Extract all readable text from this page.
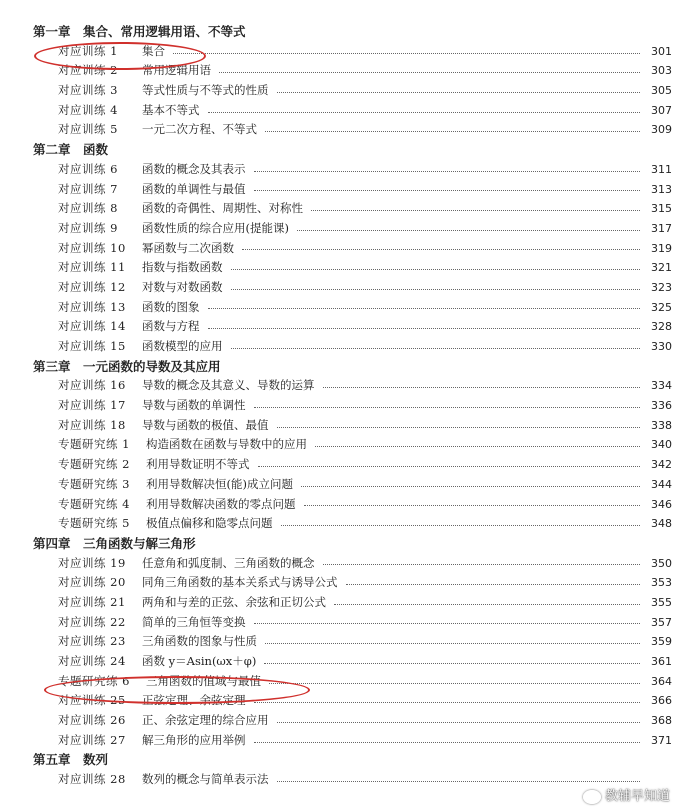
第一章　集合、常用逻辑用语、不等式
对应训练 1	集合	301
对应训练 2	常用逻辑用语	303
对应训练 3	等式性质与不等式的性质	305
对应训练 4	基本不等式	307
对应训练 5	一元二次方程、不等式	309
第二章　函数
对应训练 6	函数的概念及其表示	311
对应训练 7	函数的单调性与最值	313
对应训练 8	函数的奇偶性、周期性、对称性	315
对应训练 9	函数性质的综合应用(提能课)	317
对应训练 10	幂函数与二次函数	319
对应训练 11	指数与指数函数	321
对应训练 12	对数与对数函数	323
对应训练 13	函数的图象	325
对应训练 14	函数与方程	328
对应训练 15	函数模型的应用	330
第三章　一元函数的导数及其应用
对应训练 16	导数的概念及其意义、导数的运算	334
对应训练 17	导数与函数的单调性	336
对应训练 18	导数与函数的极值、最值	338
专题研究练 1	构造函数在函数与导数中的应用	340
专题研究练 2	利用导数证明不等式	342
专题研究练 3	利用导数解决恒(能)成立问题	344
专题研究练 4	利用导数解决函数的零点问题	346
专题研究练 5	极值点偏移和隐零点问题	348
第四章　三角函数与解三角形
对应训练 19	任意角和弧度制、三角函数的概念	350
对应训练 20	同角三角函数的基本关系式与诱导公式	353
对应训练 21	两角和与差的正弦、余弦和正切公式	355
对应训练 22	简单的三角恒等变换	357
对应训练 23	三角函数的图象与性质	359
对应训练 24	函数 y＝Asin(ωx＋φ)	361
专题研究练 6	三角函数的值域与最值	364
对应训练 25	正弦定理、余弦定理	366
对应训练 26	正、余弦定理的综合应用	368
对应训练 27	解三角形的应用举例	371
第五章　数列
对应训练 28	数列的概念与简单表示法
教辅早知道
